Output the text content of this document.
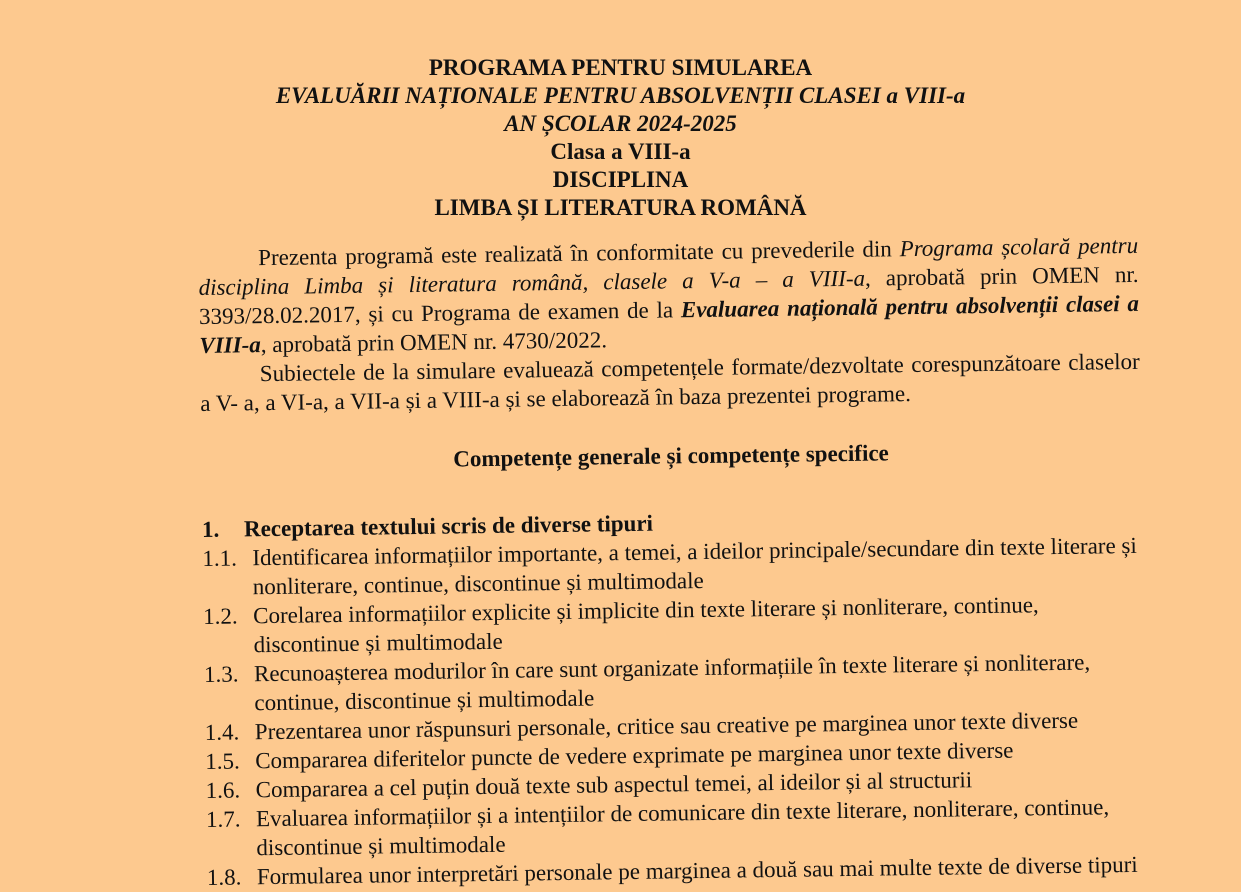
PROGRAMA PENTRU SIMULAREA
EVALUĂRII NAȚIONALE PENTRU ABSOLVENȚII CLASEI a VIII-a
AN ȘCOLAR 2024-2025
Clasa a VIII-a
DISCIPLINA
LIMBA ȘI LITERATURA ROMÂNĂ

Prezenta programă este realizată în conformitate cu prevederile din Programa școlară pentru disciplina Limba și literatura română, clasele a V-a – a VIII-a, aprobată prin OMEN nr. 3393/28.02.2017, și cu Programa de examen de la Evaluarea națională pentru absolvenții clasei a VIII-a, aprobată prin OMEN nr. 4730/2022.

Subiectele de la simulare evaluează competențele formate/dezvoltate corespunzătoare claselor a V- a, a VI-a, a VII-a și a VIII-a și se elaborează în baza prezentei programe.

Competențe generale și competențe specifice
1. Receptarea textului scris de diverse tipuri
1.1. Identificarea informațiilor importante, a temei, a ideilor principale/secundare din texte literare și nonliterare, continue, discontinue și multimodale
1.2. Corelarea informațiilor explicite și implicite din texte literare și nonliterare, continue, discontinue și multimodale
1.3. Recunoașterea modurilor în care sunt organizate informațiile în texte literare și nonliterare, continue, discontinue și multimodale
1.4. Prezentarea unor răspunsuri personale, critice sau creative pe marginea unor texte diverse
1.5. Compararea diferitelor puncte de vedere exprimate pe marginea unor texte diverse
1.6. Compararea a cel puțin două texte sub aspectul temei, al ideilor și al structurii
1.7. Evaluarea informațiilor și a intențiilor de comunicare din texte literare, nonliterare, continue, discontinue și multimodale
1.8. Formularea unor interpretări personale pe marginea a două sau mai multe texte de diverse tipuri
